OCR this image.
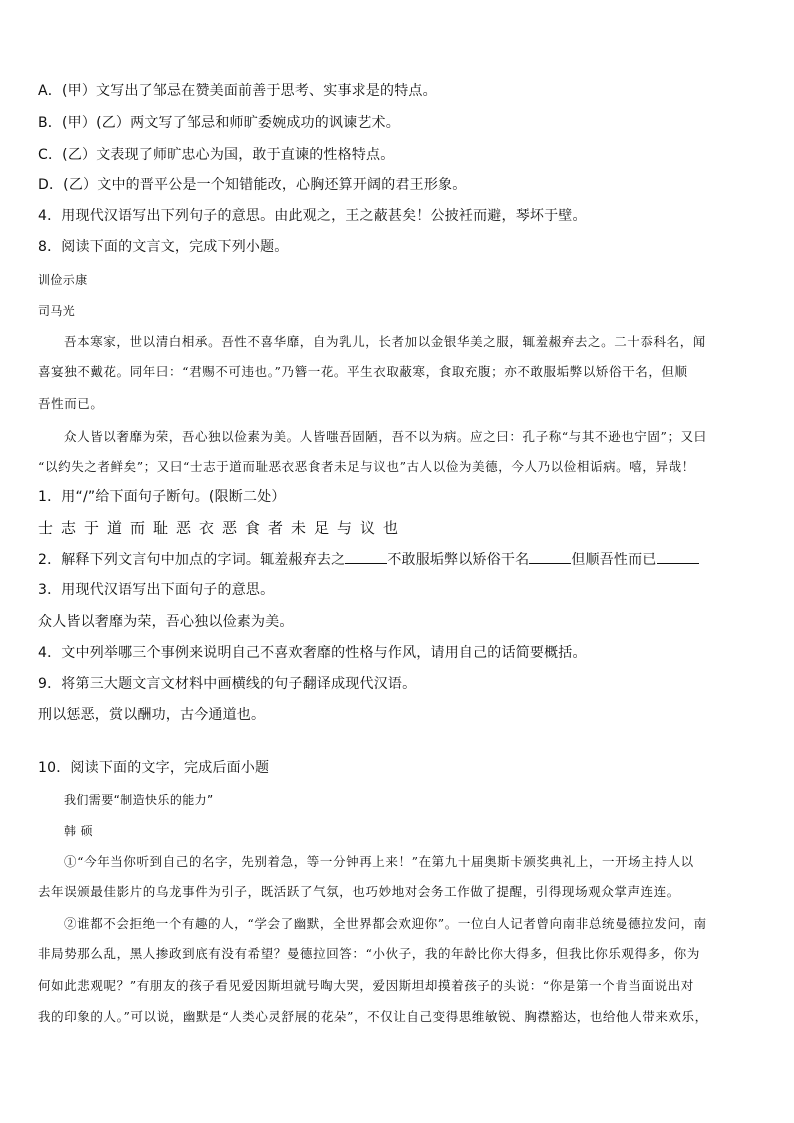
A．(甲）文写出了邹忌在赞美面前善于思考、实事求是的特点。
B．(甲）(乙）两文写了邹忌和师旷委婉成功的讽谏艺术。
C．(乙）文表现了师旷忠心为国，敢于直谏的性格特点。
D．(乙）文中的晋平公是一个知错能改，心胸还算开阔的君王形象。
4．用现代汉语写出下列句子的意思。由此观之，王之蔽甚矣！公披衽而避，琴坏于壁。
8．阅读下面的文言文，完成下列小题。
训俭示康
司马光
吾本寒家，世以清白相承。吾性不喜华靡，自为乳儿，长者加以金银华美之服，辄羞赧弃去之。二十忝科名，闻
喜宴独不戴花。同年曰：“君赐不可违也。”乃簪一花。平生衣取蔽寒，食取充腹；亦不敢服垢弊以矫俗干名，但顺
吾性而已。
众人皆以奢靡为荣，吾心独以俭素为美。人皆嗤吾固陋，吾不以为病。应之曰：孔子称“与其不逊也宁固”；又曰
“以约失之者鲜矣”；又曰“士志于道而耻恶衣恶食者未足与议也”古人以俭为美德，今人乃以俭相诟病。嘻，异哉！
1．用“/”给下面句子断句。(限断二处）
士志于道而耻恶衣恶食者未足与议也
2．解释下列文言句中加点的字词。辄羞赧弃去之	不敢服垢弊以矫俗干名	但顺吾性而已
3．用现代汉语写出下面句子的意思。
众人皆以奢靡为荣，吾心独以俭素为美。
4．文中列举哪三个事例来说明自己不喜欢奢靡的性格与作风，请用自己的话简要概括。
9．将第三大题文言文材料中画横线的句子翻译成现代汉语。
刑以惩恶，赏以酬功，古今通道也。
10．阅读下面的文字，完成后面小题
我们需要“制造快乐的能力”
韩 硕
①“今年当你听到自己的名字，先别着急，等一分钟再上来！”在第九十届奥斯卡颁奖典礼上，一开场主持人以
去年误颁最佳影片的乌龙事件为引子，既活跃了气氛，也巧妙地对会务工作做了提醒，引得现场观众掌声连连。
②谁都不会拒绝一个有趣的人，“学会了幽默，全世界都会欢迎你”。一位白人记者曾向南非总统曼德拉发问，南
非局势那么乱，黑人掺政到底有没有希望？曼德拉回答：“小伙子，我的年龄比你大得多，但我比你乐观得多，你为
何如此悲观呢？”有朋友的孩子看见爱因斯坦就号啕大哭，爱因斯坦却摸着孩子的头说：“你是第一个肯当面说出对
我的印象的人。”可以说，幽默是“人类心灵舒展的花朵”，不仅让自己变得思维敏锐、胸襟豁达，也给他人带来欢乐，
